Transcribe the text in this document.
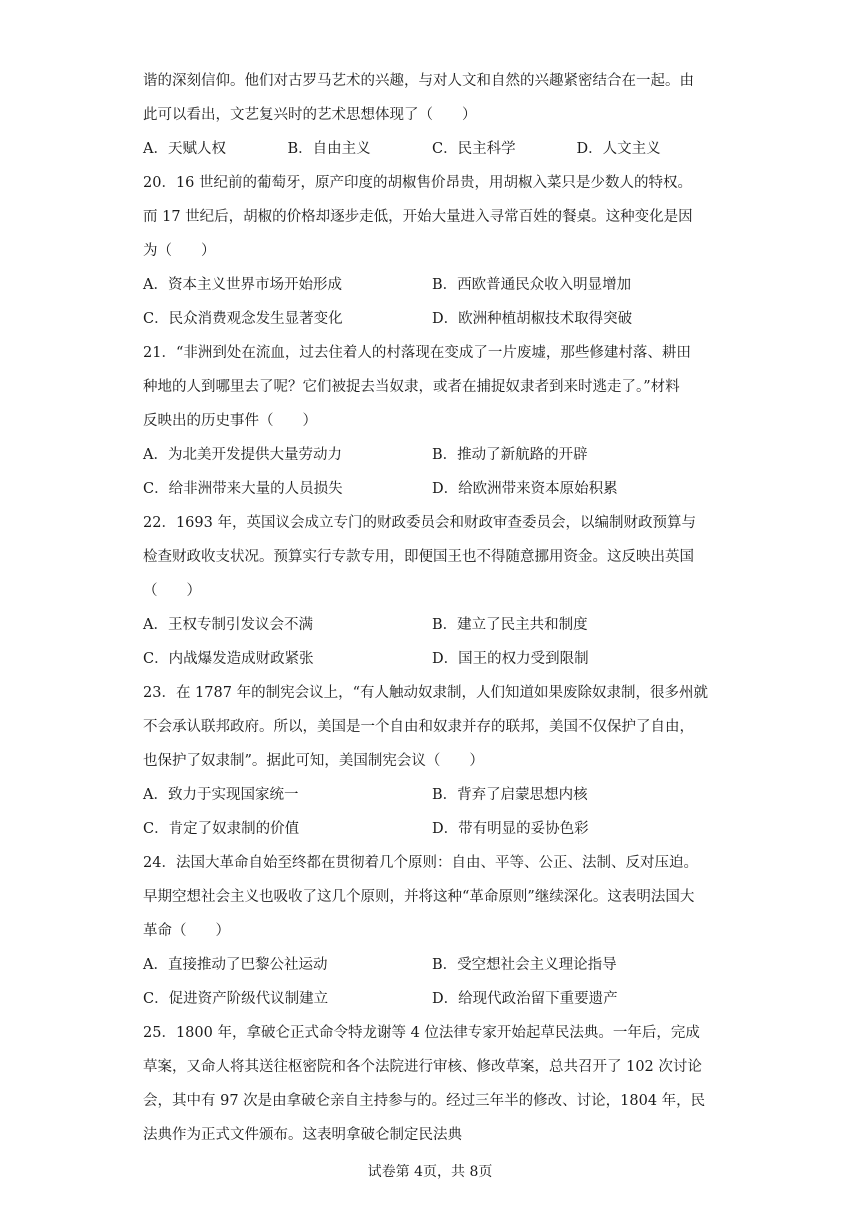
谐的深刻信仰。他们对古罗马艺术的兴趣，与对人文和自然的兴趣紧密结合在一起。由

此可以看出，文艺复兴时的艺术思想体现了（　　）

A．天赋人权	B．自由主义	C．民主科学	D．人文主义

20．16 世纪前的葡萄牙，原产印度的胡椒售价昂贵，用胡椒入菜只是少数人的特权。

而 17 世纪后，胡椒的价格却逐步走低，开始大量进入寻常百姓的餐桌。这种变化是因

为（　　）

A．资本主义世界市场开始形成	B．西欧普通民众收入明显增加
C．民众消费观念发生显著变化	D．欧洲种植胡椒技术取得突破

21．“非洲到处在流血，过去住着人的村落现在变成了一片废墟，那些修建村落、耕田

种地的人到哪里去了呢？它们被捉去当奴隶，或者在捕捉奴隶者到来时逃走了。”材料

反映出的历史事件（　　）

A．为北美开发提供大量劳动力	B．推动了新航路的开辟
C．给非洲带来大量的人员损失	D．给欧洲带来资本原始积累

22．1693 年，英国议会成立专门的财政委员会和财政审查委员会，以编制财政预算与

检查财政收支状况。预算实行专款专用，即便国王也不得随意挪用资金。这反映出英国

（　　）

A．王权专制引发议会不满	B．建立了民主共和制度
C．内战爆发造成财政紧张	D．国王的权力受到限制

23．在 1787 年的制宪会议上，“有人触动奴隶制，人们知道如果废除奴隶制，很多州就

不会承认联邦政府。所以，美国是一个自由和奴隶并存的联邦，美国不仅保护了自由，

也保护了奴隶制”。据此可知，美国制宪会议（　　）

A．致力于实现国家统一	B．背弃了启蒙思想内核
C．肯定了奴隶制的价值	D．带有明显的妥协色彩

24．法国大革命自始至终都在贯彻着几个原则：自由、平等、公正、法制、反对压迫。

早期空想社会主义也吸收了这几个原则，并将这种“革命原则”继续深化。这表明法国大

革命（　　）

A．直接推动了巴黎公社运动	B．受空想社会主义理论指导
C．促进资产阶级代议制建立	D．给现代政治留下重要遗产

25．1800 年，拿破仑正式命令特龙谢等 4 位法律专家开始起草民法典。一年后，完成

草案，又命人将其送往枢密院和各个法院进行审核、修改草案，总共召开了 102 次讨论

会，其中有 97 次是由拿破仑亲自主持参与的。经过三年半的修改、讨论，1804 年，民

法典作为正式文件颁布。这表明拿破仑制定民法典

试卷第 4页，共 8页
